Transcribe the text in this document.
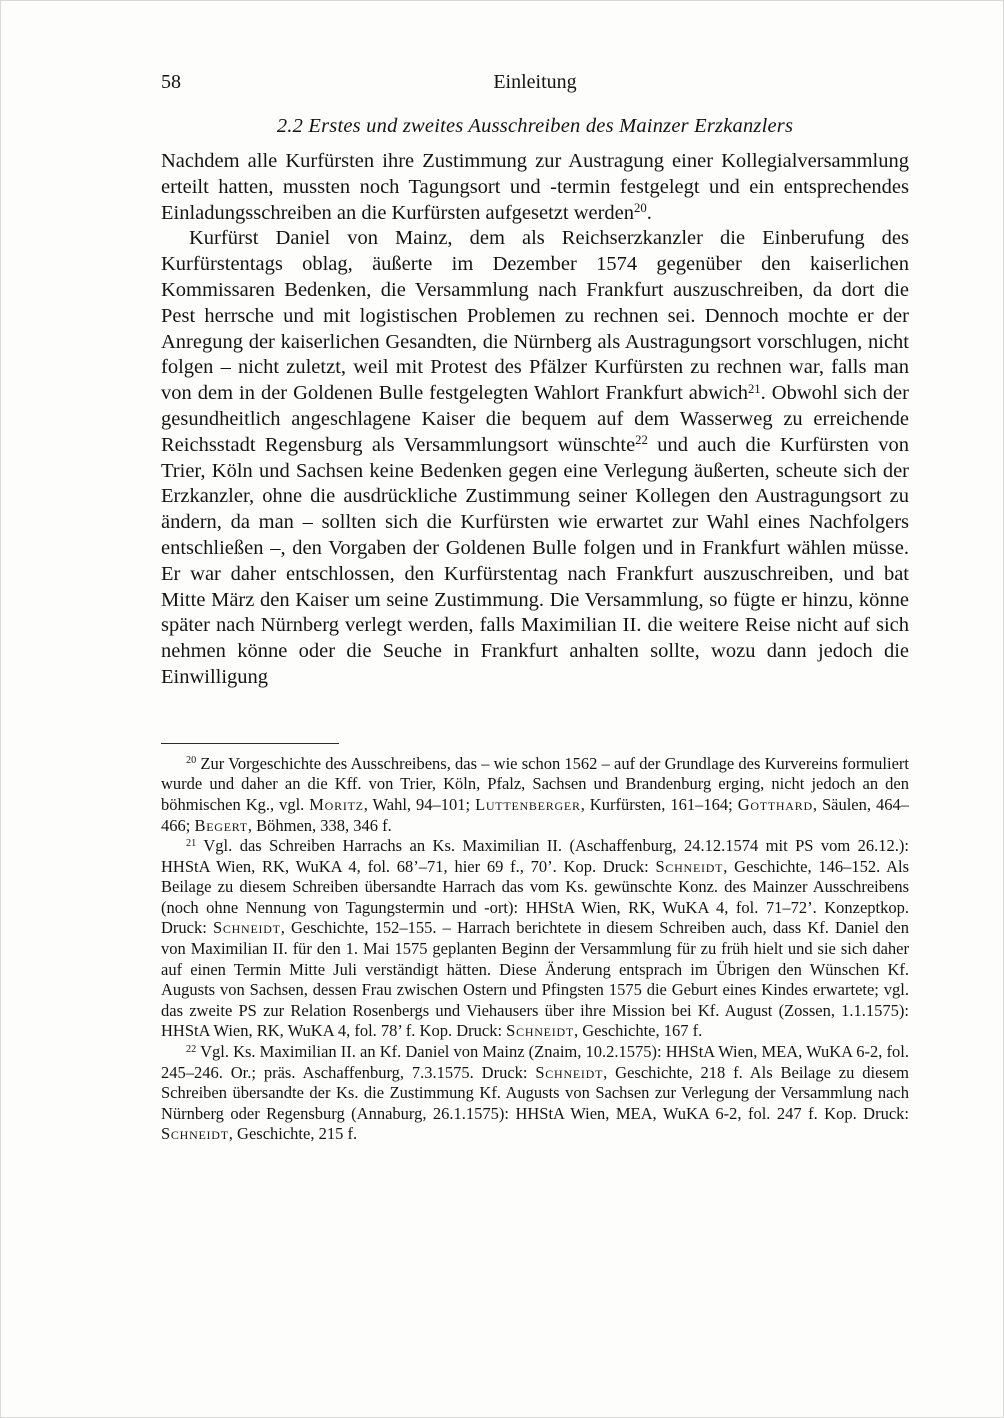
58	Einleitung
2.2 Erstes und zweites Ausschreiben des Mainzer Erzkanzlers

Nachdem alle Kurfürsten ihre Zustimmung zur Austragung einer Kollegialversammlung erteilt hatten, mussten noch Tagungsort und -termin festgelegt und ein entsprechendes Einladungsschreiben an die Kurfürsten aufgesetzt werden$^{20}$.

Kurfürst Daniel von Mainz, dem als Reichserzkanzler die Einberufung des Kurfürstentags oblag, äußerte im Dezember 1574 gegenüber den kaiserlichen Kommissaren Bedenken, die Versammlung nach Frankfurt auszuschreiben, da dort die Pest herrsche und mit logistischen Problemen zu rechnen sei. Dennoch mochte er der Anregung der kaiserlichen Gesandten, die Nürnberg als Austragungsort vorschlugen, nicht folgen – nicht zuletzt, weil mit Protest des Pfälzer Kurfürsten zu rechnen war, falls man von dem in der Goldenen Bulle festgelegten Wahlort Frankfurt abwich$^{21}$. Obwohl sich der gesundheitlich angeschlagene Kaiser die bequem auf dem Wasserweg zu erreichende Reichsstadt Regensburg als Versammlungsort wünschte$^{22}$ und auch die Kurfürsten von Trier, Köln und Sachsen keine Bedenken gegen eine Verlegung äußerten, scheute sich der Erzkanzler, ohne die ausdrückliche Zustimmung seiner Kollegen den Austragungsort zu ändern, da man – sollten sich die Kurfürsten wie erwartet zur Wahl eines Nachfolgers entschließen –, den Vorgaben der Goldenen Bulle folgen und in Frankfurt wählen müsse. Er war daher entschlossen, den Kurfürstentag nach Frankfurt auszuschreiben, und bat Mitte März den Kaiser um seine Zustimmung. Die Versammlung, so fügte er hinzu, könne später nach Nürnberg verlegt werden, falls Maximilian II. die weitere Reise nicht auf sich nehmen könne oder die Seuche in Frankfurt anhalten sollte, wozu dann jedoch die Einwilligung

$^{20}$ Zur Vorgeschichte des Ausschreibens, das – wie schon 1562 – auf der Grundlage des Kurvereins formuliert wurde und daher an die Kff. von Trier, Köln, Pfalz, Sachsen und Brandenburg erging, nicht jedoch an den böhmischen Kg., vgl. Moritz, Wahl, 94–101; Luttenberger, Kurfürsten, 161–164; Gotthard, Säulen, 464–466; Begert, Böhmen, 338, 346 f.

$^{21}$ Vgl. das Schreiben Harrachs an Ks. Maximilian II. (Aschaffenburg, 24.12.1574 mit PS vom 26.12.): HHStA Wien, RK, WuKA 4, fol. 68’–71, hier 69 f., 70’. Kop. Druck: Schneidt, Geschichte, 146–152. Als Beilage zu diesem Schreiben übersandte Harrach das vom Ks. gewünschte Konz. des Mainzer Ausschreibens (noch ohne Nennung von Tagungstermin und -ort): HHStA Wien, RK, WuKA 4, fol. 71–72’. Konzeptkop. Druck: Schneidt, Geschichte, 152–155. – Harrach berichtete in diesem Schreiben auch, dass Kf. Daniel den von Maximilian II. für den 1. Mai 1575 geplanten Beginn der Versammlung für zu früh hielt und sie sich daher auf einen Termin Mitte Juli verständigt hätten. Diese Änderung entsprach im Übrigen den Wünschen Kf. Augusts von Sachsen, dessen Frau zwischen Ostern und Pfingsten 1575 die Geburt eines Kindes erwartete; vgl. das zweite PS zur Relation Rosenbergs und Viehausers über ihre Mission bei Kf. August (Zossen, 1.1.1575): HHStA Wien, RK, WuKA 4, fol. 78’ f. Kop. Druck: Schneidt, Geschichte, 167 f.

$^{22}$ Vgl. Ks. Maximilian II. an Kf. Daniel von Mainz (Znaim, 10.2.1575): HHStA Wien, MEA, WuKA 6-2, fol. 245–246. Or.; präs. Aschaffenburg, 7.3.1575. Druck: Schneidt, Geschichte, 218 f. Als Beilage zu diesem Schreiben übersandte der Ks. die Zustimmung Kf. Augusts von Sachsen zur Verlegung der Versammlung nach Nürnberg oder Regensburg (Annaburg, 26.1.1575): HHStA Wien, MEA, WuKA 6-2, fol. 247 f. Kop. Druck: Schneidt, Geschichte, 215 f.
